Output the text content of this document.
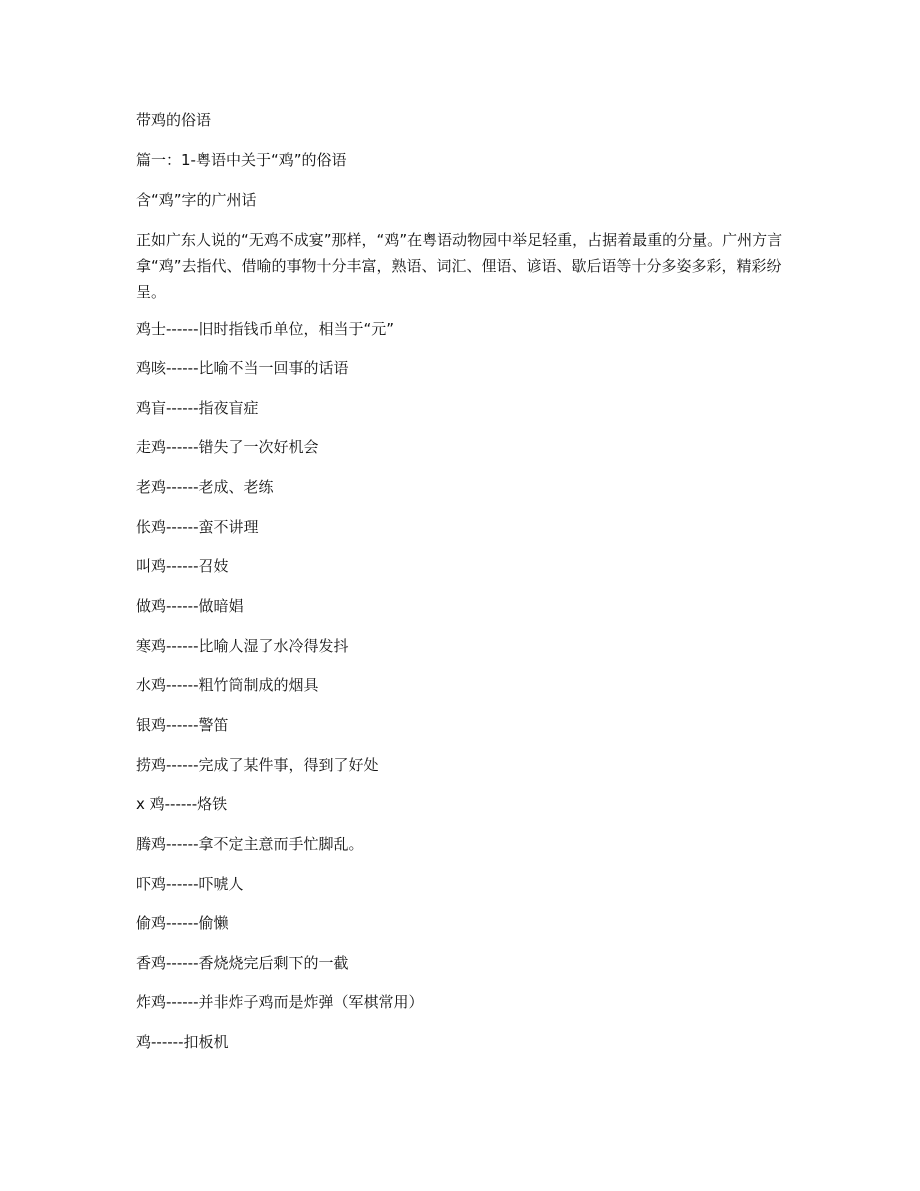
带鸡的俗语
篇一：1-粤语中关于“鸡”的俗语
含“鸡”字的广州话
正如广东人说的“无鸡不成宴”那样，“鸡”在粤语动物园中举足轻重，占据着最重的分量。广州方言拿“鸡”去指代、借喻的事物十分丰富，熟语、词汇、俚语、谚语、歇后语等十分多姿多彩，精彩纷呈。
鸡士------旧时指钱币单位，相当于“元”
鸡咳------比喻不当一回事的话语
鸡盲------指夜盲症
走鸡------错失了一次好机会
老鸡------老成、老练
伥鸡------蛮不讲理
叫鸡------召妓
做鸡------做暗娼
寒鸡------比喻人湿了水冷得发抖
水鸡------粗竹筒制成的烟具
银鸡------警笛
捞鸡------完成了某件事，得到了好处
x 鸡------烙铁
腾鸡------拿不定主意而手忙脚乱。
吓鸡------吓唬人
偷鸡------偷懒
香鸡------香烧烧完后剩下的一截
炸鸡------并非炸子鸡而是炸弹（军棋常用）
鸡------扣板机
